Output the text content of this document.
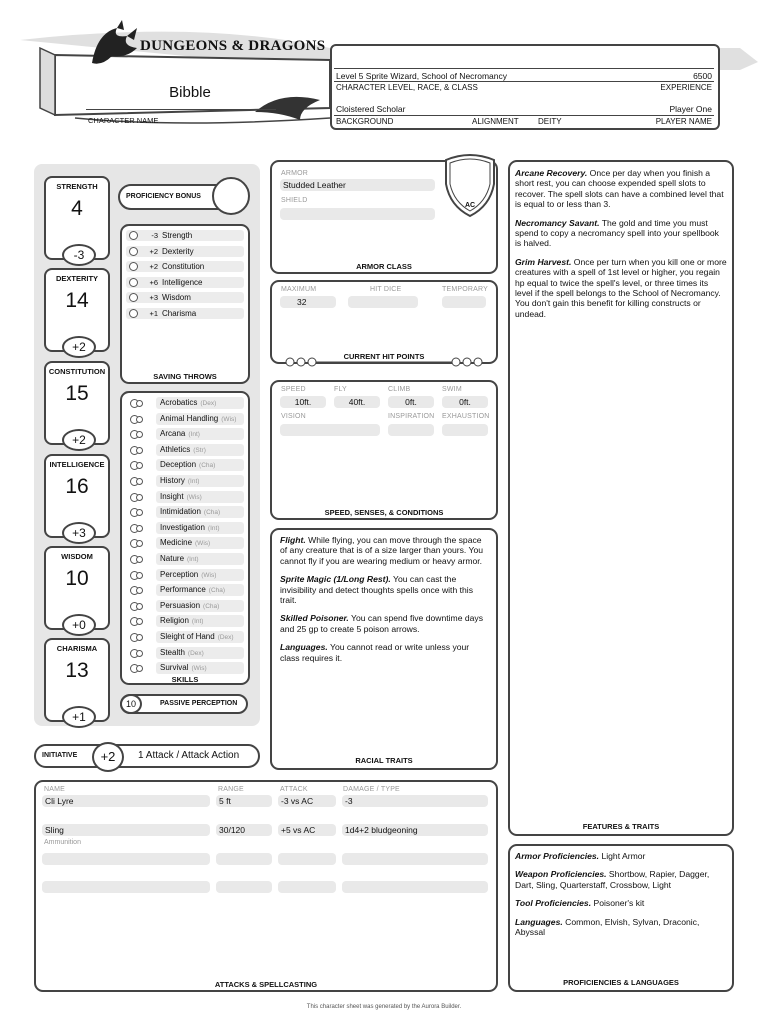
DUNGEONS & DRAGONS
Bibble
CHARACTER NAME
Level 5 Sprite Wizard, School of Necromancy	6500
CHARACTER LEVEL, RACE, & CLASS	EXPERIENCE
Cloistered Scholar	Player One
BACKGROUND	ALIGNMENT DEITY	PLAYER NAME
STRENGTH
4
-3
DEXTERITY
14
+2
CONSTITUTION
15
+2
INTELLIGENCE
16
+3
WISDOM
10
+0
CHARISMA
13
+1
PROFICIENCY BONUS
-3 Strength
+2 Dexterity
+2 Constitution
+6 Intelligence
+3 Wisdom
+1 Charisma
SAVING THROWS
Acrobatics (Dex)
Animal Handling (Wis)
Arcana (Int)
Athletics (Str)
Deception (Cha)
History (Int)
Insight (Wis)
Intimidation (Cha)
Investigation (Int)
Medicine (Wis)
Nature (Int)
Perception (Wis)
Performance (Cha)
Persuasion (Cha)
Religion (Int)
Sleight of Hand (Dex)
Stealth (Dex)
Survival (Wis)
SKILLS
10	PASSIVE PERCEPTION
INITIATIVE	+2	1 Attack / Attack Action
ARMOR
Studded Leather
SHIELD
AC
ARMOR CLASS
MAXIMUM	HIT DICE	TEMPORARY
32
CURRENT HIT POINTS
SPEED	FLY	CLIMB	SWIM
10ft.	40ft.	0ft.	0ft.
VISION	INSPIRATION EXHAUSTION
SPEED, SENSES, & CONDITIONS

Flight. While flying, you can move through the space of any creature that is of a size larger than yours. You cannot fly if you are wearing medium or heavy armor.

Sprite Magic (1/Long Rest). You can cast the invisibility and detect thoughts spells once with this trait.

Skilled Poisoner. You can spend five downtime days and 25 gp to create 5 poison arrows.

Languages. You cannot read or write unless your class requires it.

RACIAL TRAITS

Arcane Recovery. Once per day when you finish a short rest, you can choose expended spell slots to recover. The spell slots can have a combined level that is equal to or less than 3.

Necromancy Savant. The gold and time you must spend to copy a necromancy spell into your spellbook is halved.

Grim Harvest. Once per turn when you kill one or more creatures with a spell of 1st level or higher, you regain hp equal to twice the spell's level, or three times its level if the spell belongs to the School of Necromancy. You don't gain this benefit for killing constructs or undead.

FEATURES & TRAITS

Armor Proficiencies. Light Armor

Weapon Proficiencies. Shortbow, Rapier, Dagger, Dart, Sling, Quarterstaff, Crossbow, Light

Tool Proficiencies. Poisoner's kit

Languages. Common, Elvish, Sylvan, Draconic, Abyssal

PROFICIENCIES & LANGUAGES
NAME	RANGE	ATTACK	DAMAGE / TYPE
Cli Lyre	5 ft	-3 vs AC	-3
Sling	30/120	+5 vs AC	1d4+2 bludgeoning
Ammunition
ATTACKS & SPELLCASTING
This character sheet was generated by the Aurora Builder.
